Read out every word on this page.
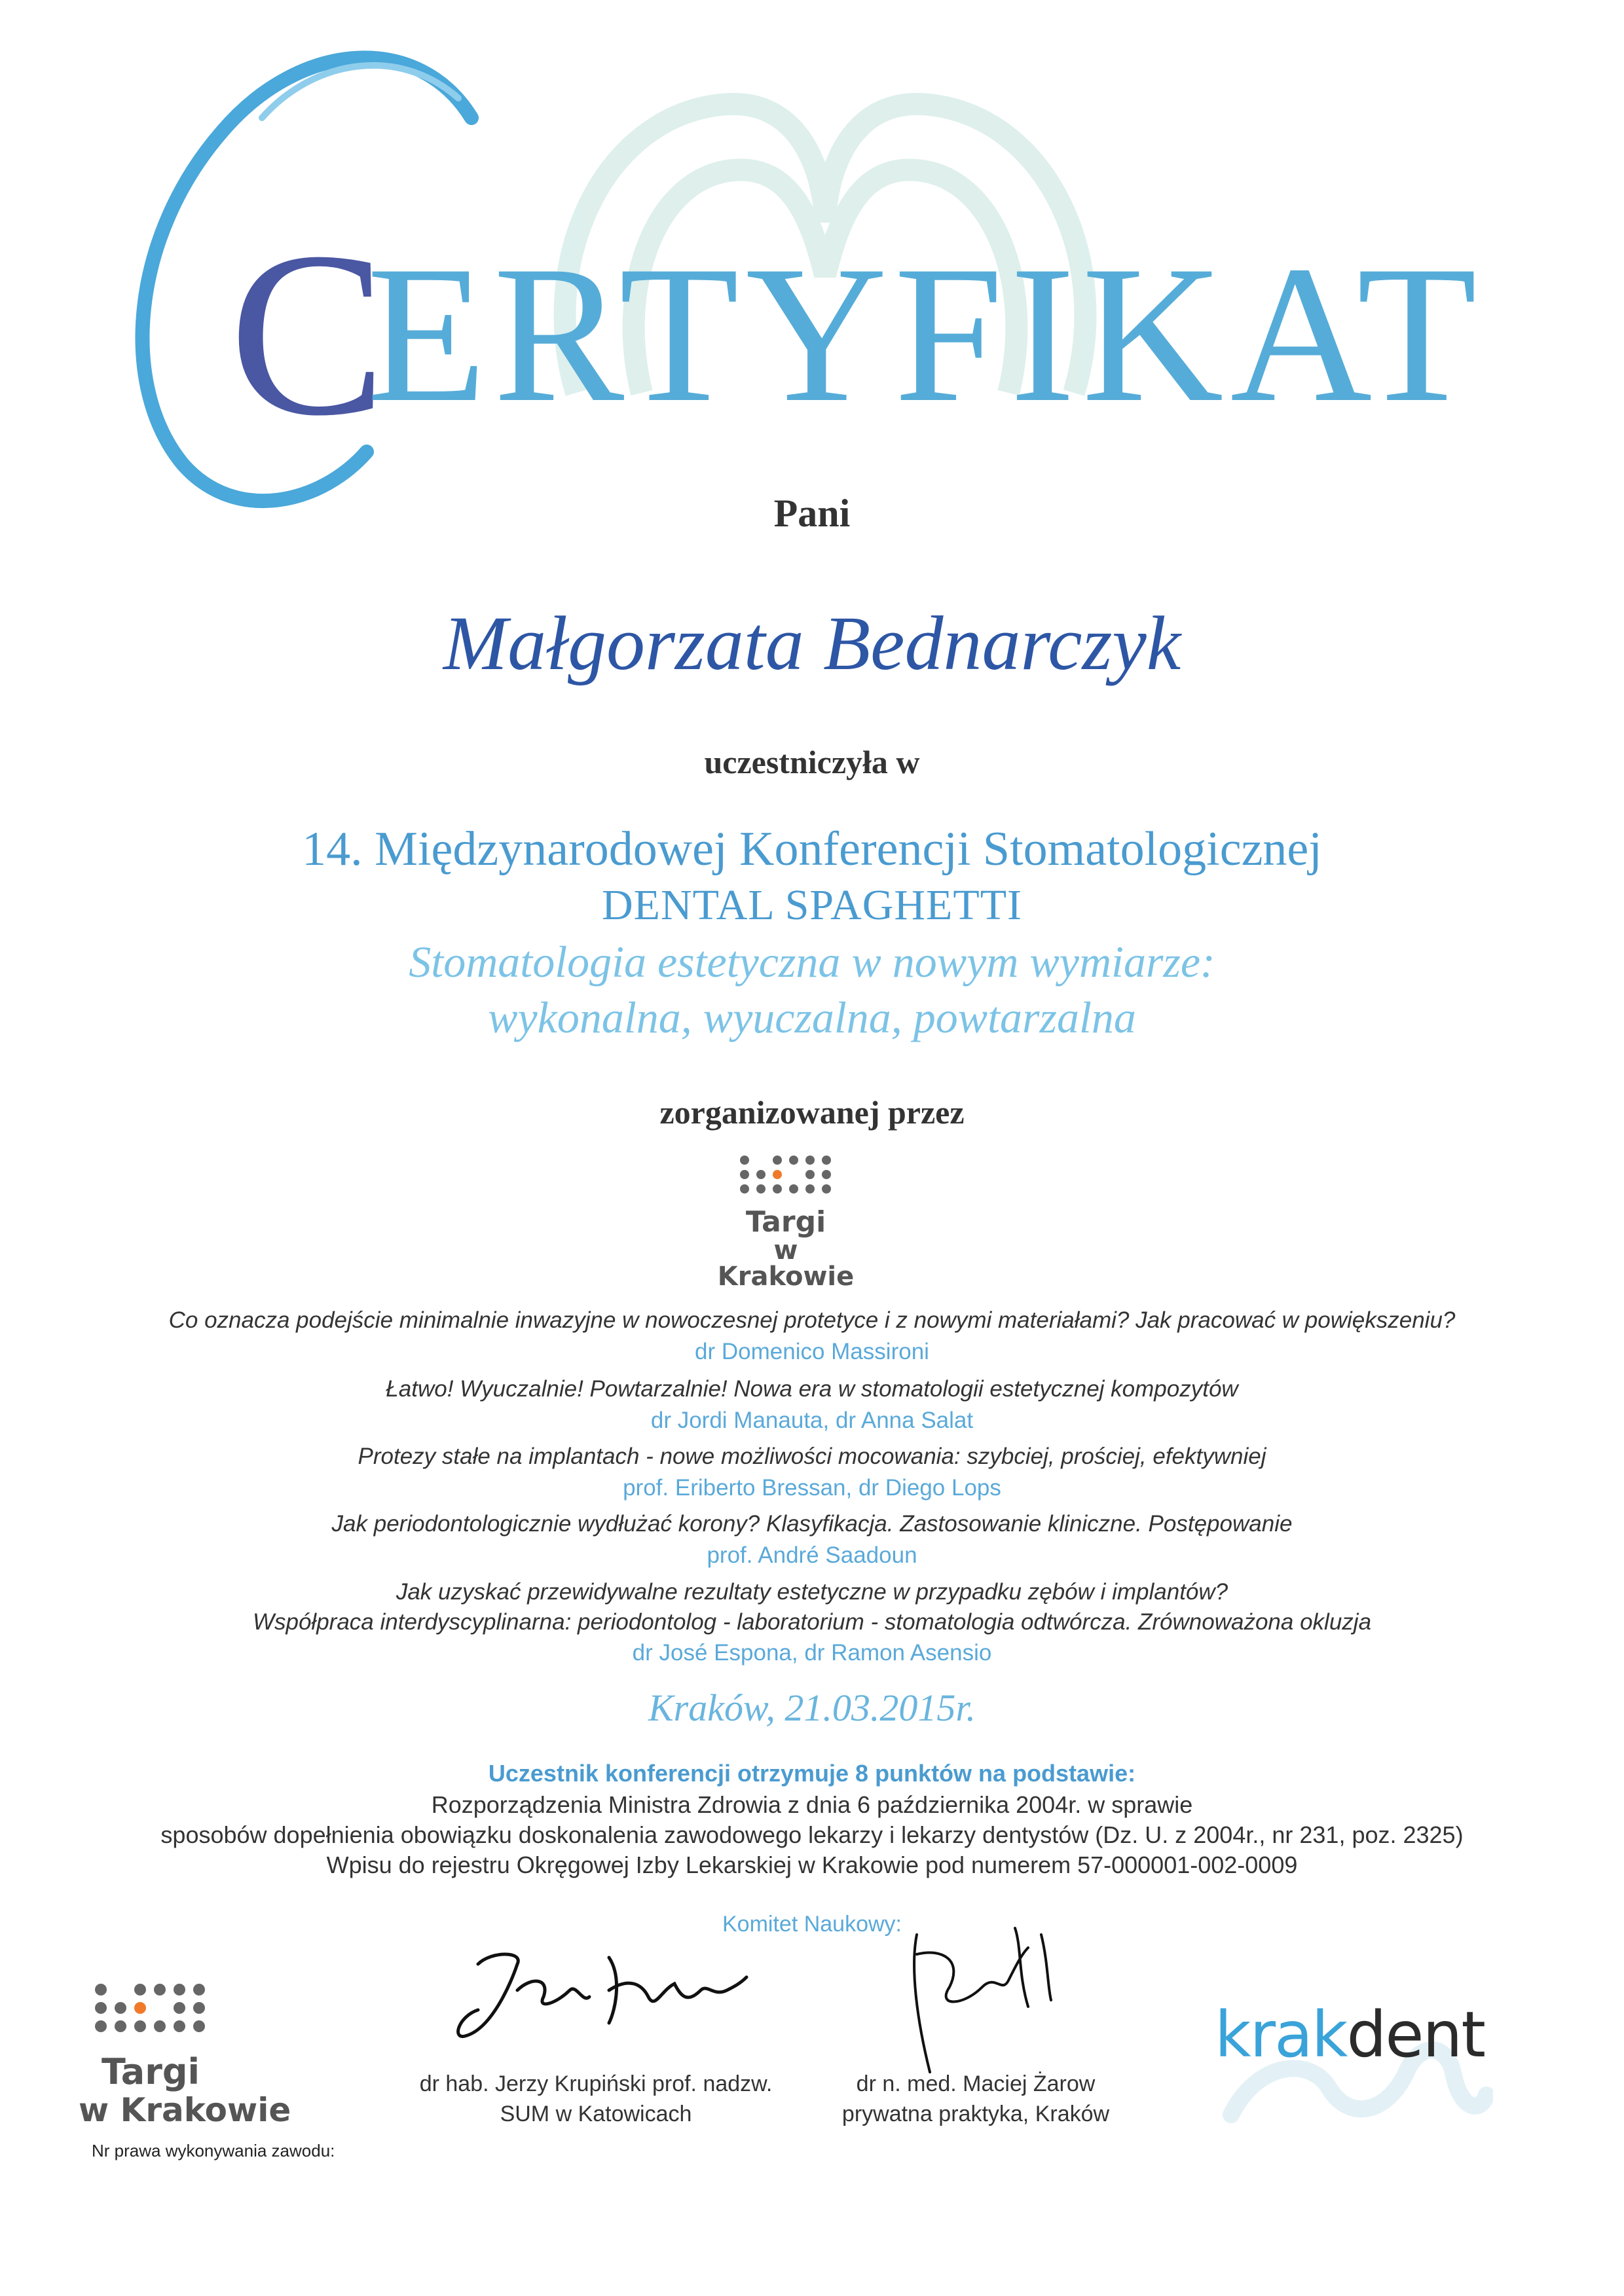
C
ERTYFIKAT
Pani
Małgorzata Bednarczyk
uczestniczyła w
14. Międzynarodowej Konferencji Stomatologicznej
DENTAL SPAGHETTI
Stomatologia estetyczna w nowym wymiarze:
wykonalna, wyuczalna, powtarzalna
zorganizowanej przez
Targi
w Krakowie
Co oznacza podejście minimalnie inwazyjne w nowoczesnej protetyce i z nowymi materiałami? Jak pracować w powiększeniu?
dr Domenico Massironi
Łatwo! Wyuczalnie! Powtarzalnie! Nowa era w stomatologii estetycznej kompozytów
dr Jordi Manauta, dr Anna Salat
Protezy stałe na implantach - nowe możliwości mocowania: szybciej, prościej, efektywniej
prof. Eriberto Bressan, dr Diego Lops
Jak periodontologicznie wydłużać korony? Klasyfikacja. Zastosowanie kliniczne. Postępowanie
prof. André Saadoun
Jak uzyskać przewidywalne rezultaty estetyczne w przypadku zębów i implantów?
Współpraca interdyscyplinarna: periodontolog - laboratorium - stomatologia odtwórcza. Zrównoważona okluzja
dr José Espona, dr Ramon Asensio
Kraków, 21.03.2015r.
Uczestnik konferencji otrzymuje 8 punktów na podstawie:
Rozporządzenia Ministra Zdrowia z dnia 6 października 2004r. w sprawie
sposobów dopełnienia obowiązku doskonalenia zawodowego lekarzy i lekarzy dentystów (Dz. U. z 2004r., nr 231, poz. 2325)
Wpisu do rejestru Okręgowej Izby Lekarskiej w Krakowie pod numerem 57-000001-002-0009
Komitet Naukowy:
dr hab. Jerzy Krupiński prof. nadzw.
SUM w Katowicach
dr n. med. Maciej Żarow
prywatna praktyka, Kraków
Targi
w Krakowie
Nr prawa wykonywania zawodu:
krakdent
